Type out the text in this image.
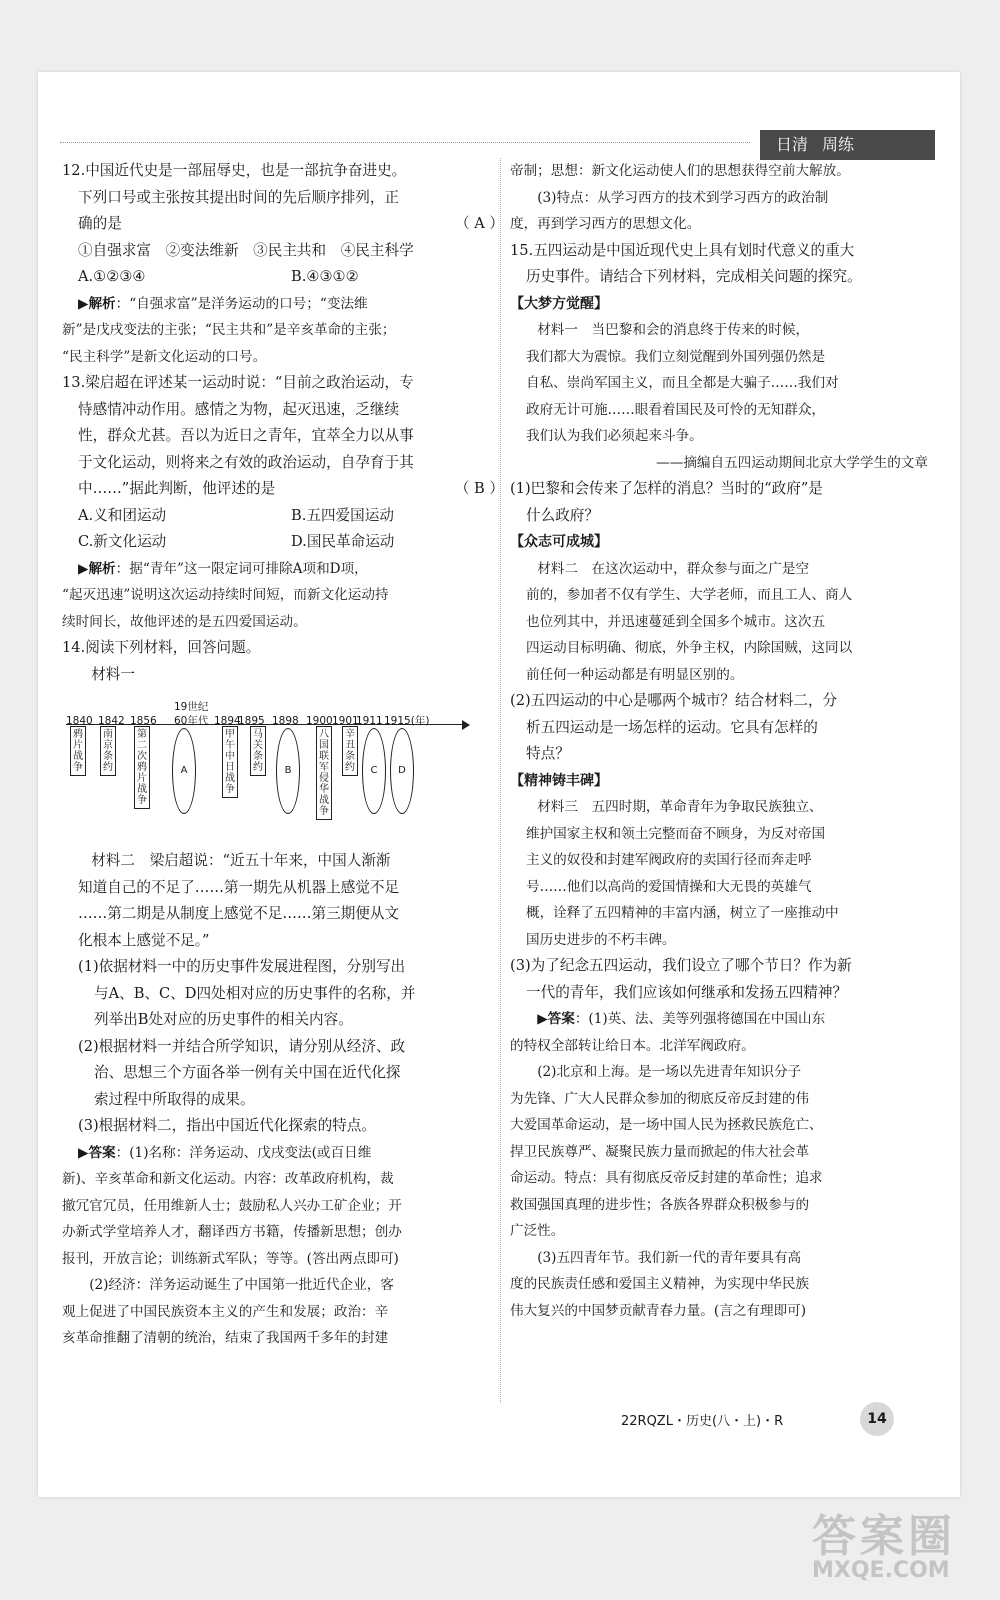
日清 周练

12.中国近代史是一部屈辱史，也是一部抗争奋进史。

下列口号或主张按其提出时间的先后顺序排列，正

确的是	（ A ）

①自强求富　②变法维新　③民主共和　④民主科学

A.①②③④	B.④③①②

▶解析：“自强求富”是洋务运动的口号；“变法维

新”是戊戌变法的主张；“民主共和”是辛亥革命的主张；

“民主科学”是新文化运动的口号。

13.梁启超在评述某一运动时说：“目前之政治运动，专

恃感情冲动作用。感情之为物，起灭迅速，乏继续

性，群众尤甚。吾以为近日之青年，宜萃全力以从事

于文化运动，则将来之有效的政治运动，自孕育于其

中……”据此判断，他评述的是	（ B ）

A.义和团运动	B.五四爱国运动
C.新文化运动	D.国民革命运动

▶解析：据“青年”这一限定词可排除A项和D项，

“起灭迅速”说明这次运动持续时间短，而新文化运动持

续时间长，故他评述的是五四爱国运动。

14.阅读下列材料，回答问题。

材料一

1840 1842 1856 60年代 1894
1895 1898 1900 1901
1911 1915(年)
19世纪
鸦片战争
南京条约
第二次鸦片战争
甲午中日战争
马关条约
八国联军侵华战争
辛丑条约
A	B	C	D

材料二　梁启超说：“近五十年来，中国人渐渐

知道自己的不足了……第一期先从机器上感觉不足

……第二期是从制度上感觉不足……第三期便从文

化根本上感觉不足。”

(1)依据材料一中的历史事件发展进程图，分别写出

与A、B、C、D四处相对应的历史事件的名称，并

列举出B处对应的历史事件的相关内容。

(2)根据材料一并结合所学知识，请分别从经济、政

治、思想三个方面各举一例有关中国在近代化探

索过程中所取得的成果。

(3)根据材料二，指出中国近代化探索的特点。

▶答案：(1)名称：洋务运动、戊戌变法(或百日维

新)、辛亥革命和新文化运动。内容：改革政府机构，裁

撤冗官冗员，任用维新人士；鼓励私人兴办工矿企业；开

办新式学堂培养人才，翻译西方书籍，传播新思想；创办

报刊，开放言论；训练新式军队；等等。(答出两点即可)

(2)经济：洋务运动诞生了中国第一批近代企业，客

观上促进了中国民族资本主义的产生和发展；政治：辛

亥革命推翻了清朝的统治，结束了我国两千多年的封建

帝制；思想：新文化运动使人们的思想获得空前大解放。

(3)特点：从学习西方的技术到学习西方的政治制

度，再到学习西方的思想文化。

15.五四运动是中国近现代史上具有划时代意义的重大

历史事件。请结合下列材料，完成相关问题的探究。

【大梦方觉醒】

材料一　当巴黎和会的消息终于传来的时候，

我们都大为震惊。我们立刻觉醒到外国列强仍然是

自私、崇尚军国主义，而且全都是大骗子……我们对

政府无计可施……眼看着国民及可怜的无知群众，

我们认为我们必须起来斗争。

——摘编自五四运动期间北京大学学生的文章

(1)巴黎和会传来了怎样的消息？当时的“政府”是

什么政府？

【众志可成城】

材料二　在这次运动中，群众参与面之广是空

前的，参加者不仅有学生、大学老师，而且工人、商人

也位列其中，并迅速蔓延到全国多个城市。这次五

四运动目标明确、彻底，外争主权，内除国贼，这同以

前任何一种运动都是有明显区别的。

(2)五四运动的中心是哪两个城市？结合材料二，分

析五四运动是一场怎样的运动。它具有怎样的

特点？

【精神铸丰碑】

材料三　五四时期，革命青年为争取民族独立、

维护国家主权和领土完整而奋不顾身，为反对帝国

主义的奴役和封建军阀政府的卖国行径而奔走呼

号……他们以高尚的爱国情操和大无畏的英雄气

概，诠释了五四精神的丰富内涵，树立了一座推动中

国历史进步的不朽丰碑。

(3)为了纪念五四运动，我们设立了哪个节日？作为新

一代的青年，我们应该如何继承和发扬五四精神？

▶答案：(1)英、法、美等列强将德国在中国山东

的特权全部转让给日本。北洋军阀政府。

(2)北京和上海。是一场以先进青年知识分子

为先锋、广大人民群众参加的彻底反帝反封建的伟

大爱国革命运动，是一场中国人民为拯救民族危亡、

捍卫民族尊严、凝聚民族力量而掀起的伟大社会革

命运动。特点：具有彻底反帝反封建的革命性；追求

救国强国真理的进步性；各族各界群众积极参与的

广泛性。

(3)五四青年节。我们新一代的青年要具有高

度的民族责任感和爱国主义精神，为实现中华民族

伟大复兴的中国梦贡献青春力量。(言之有理即可)

22RQZL・历史(八・上)・R	14
答案圈
MXQE.COM
